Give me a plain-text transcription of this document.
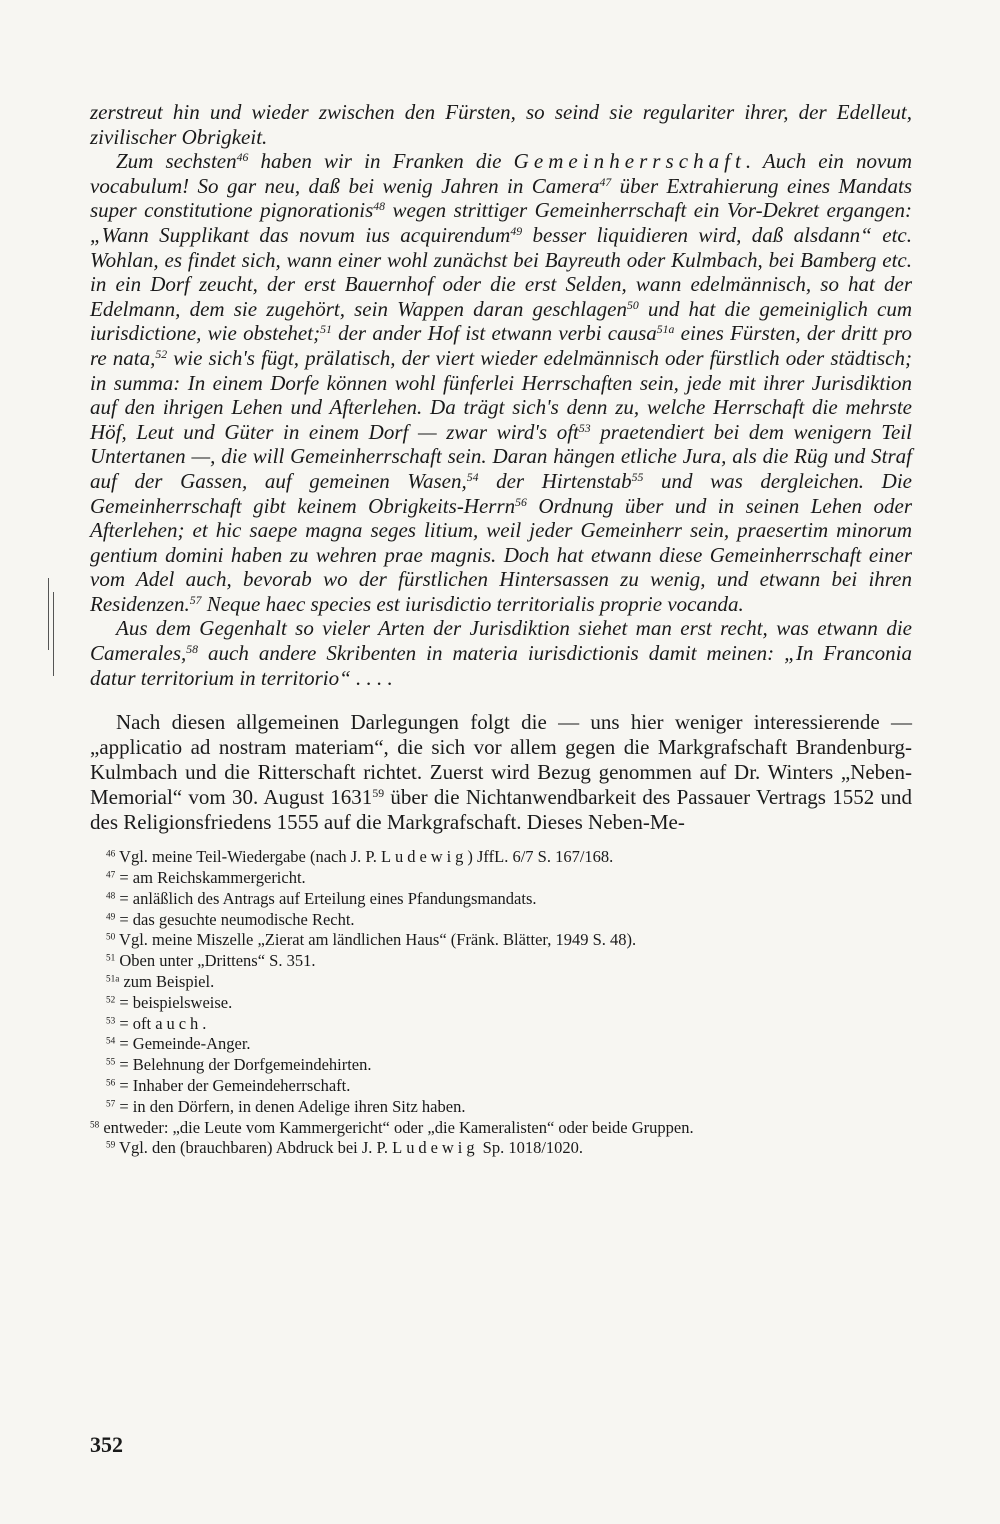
zerstreut hin und wieder zwischen den Fürsten, so seind sie regulariter ihrer, der Edelleut, zivilischer Obrigkeit.

Zum sechsten$^{46}$ haben wir in Franken die Gemeinherrschaft. Auch ein novum vocabulum! So gar neu, daß bei wenig Jahren in Camera$^{47}$ über Extrahierung eines Mandats super constitutione pignorationis$^{48}$ wegen strittiger Gemeinherrschaft ein Vor-Dekret ergangen: „Wann Supplikant das novum ius acquirendum$^{49}$ besser liquidieren wird, daß alsdann“ etc. Wohlan, es findet sich, wann einer wohl zunächst bei Bayreuth oder Kulmbach, bei Bamberg etc. in ein Dorf zeucht, der erst Bauernhof oder die erst Selden, wann edelmännisch, so hat der Edelmann, dem sie zugehört, sein Wappen daran geschlagen$^{50}$ und hat die gemeiniglich cum iurisdictione, wie obstehet;$^{51}$ der ander Hof ist etwann verbi causa$^{51a}$ eines Fürsten, der dritt pro re nata,$^{52}$ wie sich's fügt, prälatisch, der viert wieder edelmännisch oder fürstlich oder städtisch; in summa: In einem Dorfe können wohl fünferlei Herrschaften sein, jede mit ihrer Jurisdiktion auf den ihrigen Lehen und Afterlehen. Da trägt sich's denn zu, welche Herrschaft die mehrste Höf, Leut und Güter in einem Dorf — zwar wird's oft$^{53}$ praetendiert bei dem wenigern Teil Untertanen —, die will Gemeinherrschaft sein. Daran hängen etliche Jura, als die Rüg und Straf auf der Gassen, auf gemeinen Wasen,$^{54}$ der Hirtenstab$^{55}$ und was dergleichen. Die Gemeinherrschaft gibt keinem Obrigkeits-Herrn$^{56}$ Ordnung über und in seinen Lehen oder Afterlehen; et hic saepe magna seges litium, weil jeder Gemeinherr sein, praesertim minorum gentium domini haben zu wehren prae magnis. Doch hat etwann diese Gemeinherrschaft einer vom Adel auch, bevorab wo der fürstlichen Hintersassen zu wenig, und etwann bei ihren Residenzen.$^{57}$ Neque haec species est iurisdictio territorialis proprie vocanda.

Aus dem Gegenhalt so vieler Arten der Jurisdiktion siehet man erst recht, was etwann die Camerales,$^{58}$ auch andere Skribenten in materia iurisdictionis damit meinen: „In Franconia datur territorium in territorio“ . . . .

Nach diesen allgemeinen Darlegungen folgt die — uns hier weniger interessierende — „applicatio ad nostram materiam“, die sich vor allem gegen die Markgrafschaft Brandenburg-Kulmbach und die Ritterschaft richtet. Zuerst wird Bezug genommen auf Dr. Winters „Neben-Memorial“ vom 30. August 1631$^{59}$ über die Nichtanwendbarkeit des Passauer Vertrags 1552 und des Religionsfriedens 1555 auf die Markgrafschaft. Dieses Neben-Me-

$^{46}$ Vgl. meine Teil-Wiedergabe (nach J. P. Ludewig) JffL. 6/7 S. 167/168.
$^{47}$ = am Reichskammergericht.
$^{48}$ = anläßlich des Antrags auf Erteilung eines Pfandungsmandats.
$^{49}$ = das gesuchte neumodische Recht.
$^{50}$ Vgl. meine Miszelle „Zierat am ländlichen Haus“ (Fränk. Blätter, 1949 S. 48).
$^{51}$ Oben unter „Drittens“ S. 351.
$^{51a}$ zum Beispiel.
$^{52}$ = beispielsweise.
$^{53}$ = oft auch.
$^{54}$ = Gemeinde-Anger.
$^{55}$ = Belehnung der Dorfgemeindehirten.
$^{56}$ = Inhaber der Gemeindeherrschaft.
$^{57}$ = in den Dörfern, in denen Adelige ihren Sitz haben.
$^{58}$ entweder: „die Leute vom Kammergericht“ oder „die Kameralisten“ oder beide Gruppen.
$^{59}$ Vgl. den (brauchbaren) Abdruck bei J. P. Ludewig Sp. 1018/1020.
352
